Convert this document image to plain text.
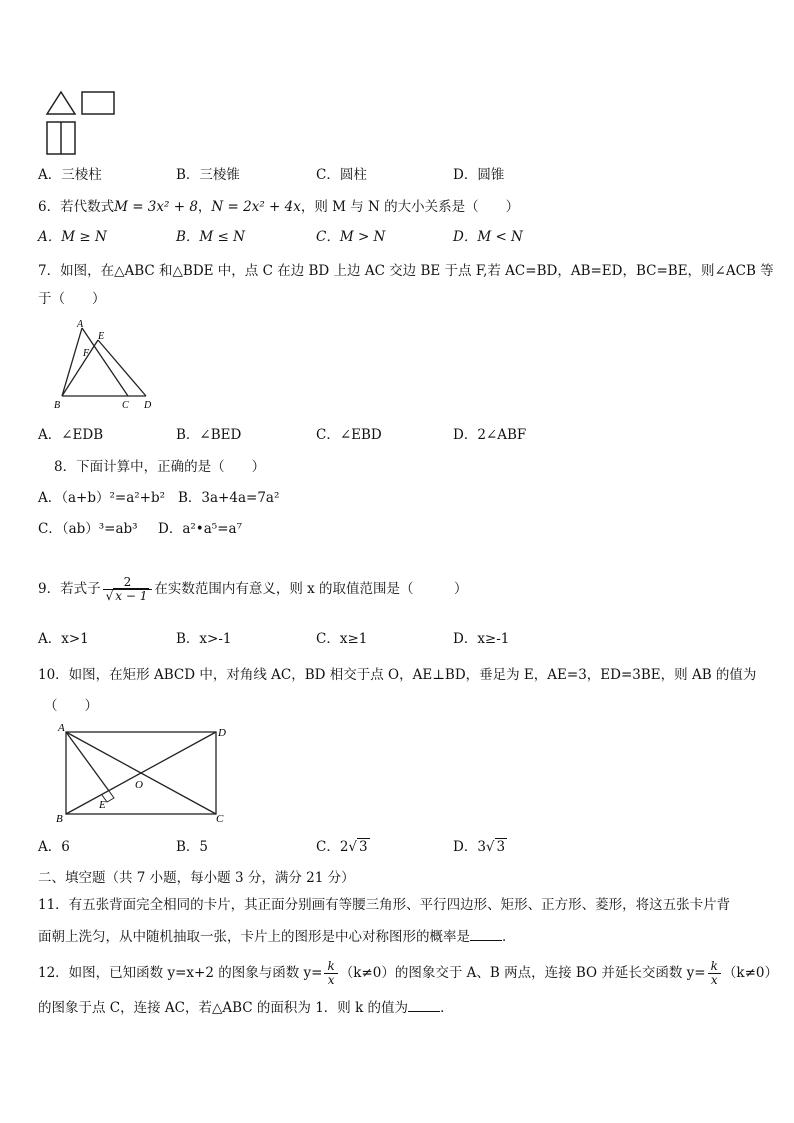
A．三棱柱	B．三棱锥	C．圆柱	D．圆锥
6．若代数式M = 3x² + 8，N = 2x² + 4x，则 M 与 N 的大小关系是（　　）
A．M ≥ N	B．M ≤ N	C．M > N	D．M < N
7．如图，在△ABC 和△BDE 中，点 C 在边 BD 上边 AC 交边 BE 于点 F,若 AC=BD，AB=ED，BC=BE，则∠ACB 等
于（　　）
A
E
F
B	C D
A．∠EDB	B．∠BED	C．∠EBD	D．2∠ABF
8．下面计算中，正确的是（　　）
A．（a+b）²=a²+b² B．3a+4a=7a²
C．（ab）³=ab³ D．a²•a⁵=a⁷
9．若式子 $\frac{2}{√ x - 1}$ 在实数范围内有意义，则 x 的取值范围是（　　　）
A．x>1	B．x>-1	C．x≥1	D．x≥-1
10．如图，在矩形 ABCD 中，对角线 AC，BD 相交于点 O，AE⊥BD，垂足为 E，AE=3，ED=3BE，则 AB 的值为
（　　）
A	D
O
E
B	C
A．6	B．5	C．2√ 3	D．3√ 3
二、填空题（共 7 小题，每小题 3 分，满分 21 分）
11．有五张背面完全相同的卡片，其正面分别画有等腰三角形、平行四边形、矩形、正方形、菱形，将这五张卡片背
面朝上洗匀，从中随机抽取一张，卡片上的图形是中心对称图形的概率是 ．
12．如图，已知函数 y=x+2 的图象与函数 $y= \frac{k}{x} (k\ne 0)$的图象交于 A、B 两点，连接 BO 并延长交函数 $y= \frac{k}{x} (k\ne 0)$
的图象于点 C，连接 AC，若△ABC 的面积为 1．则 k 的值为 ．
